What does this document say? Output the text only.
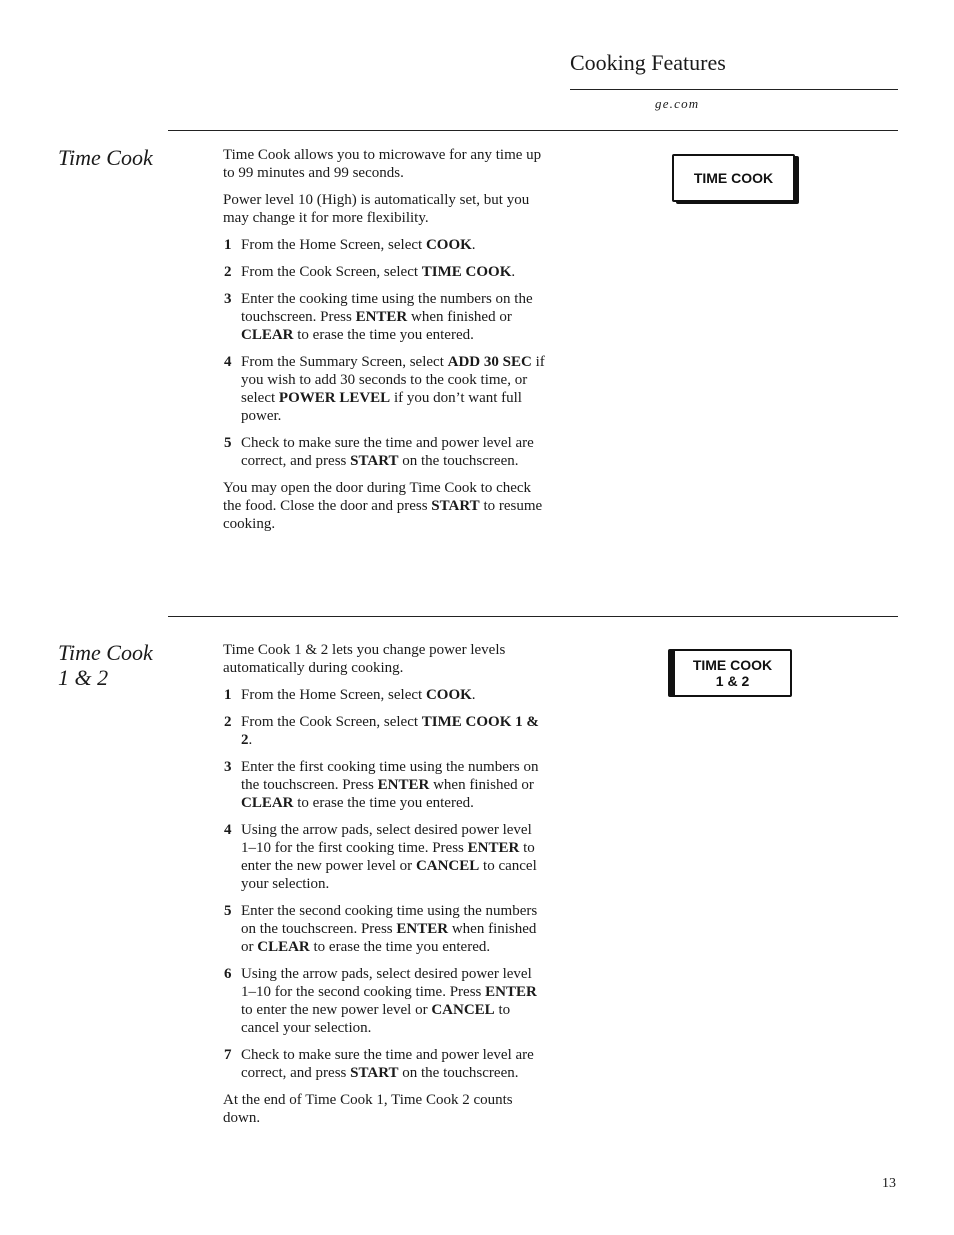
Cooking Features
ge.com
Time Cook	Time Cook allows you to microwave for any time up to 99 minutes and 99 seconds.

Power level 10 (High) is automatically set, but you may change it for more flexibility.

1 From the Home Screen, select COOK.
2 From the Cook Screen, select TIME COOK.
3 Enter the cooking time using the numbers on the touchscreen. Press ENTER when finished or CLEAR to erase the time you entered.
4 From the Summary Screen, select ADD 30 SEC if you wish to add 30 seconds to the cook time, or select POWER LEVEL if you don’t want full power.
5 Check to make sure the time and power level are correct, and press START on the touchscreen.

You may open the door during Time Cook to check the food. Close the door and press START to resume cooking.

TIME COOK
Time Cook
1 & 2

Time Cook 1 & 2 lets you change power levels automatically during cooking.

1 From the Home Screen, select COOK.
2 From the Cook Screen, select TIME COOK 1 & 2.
3 Enter the first cooking time using the numbers on the touchscreen. Press ENTER when finished or CLEAR to erase the time you entered.
4 Using the arrow pads, select desired power level 1–10 for the first cooking time. Press ENTER to enter the new power level or CANCEL to cancel your selection.
5 Enter the second cooking time using the numbers on the touchscreen. Press ENTER when finished or CLEAR to erase the time you entered.
6 Using the arrow pads, select desired power level 1–10 for the second cooking time. Press ENTER to enter the new power level or CANCEL to cancel your selection.
7 Check to make sure the time and power level are correct, and press START on the touchscreen.

At the end of Time Cook 1, Time Cook 2 counts down.

TIME COOK
1 & 2
13
